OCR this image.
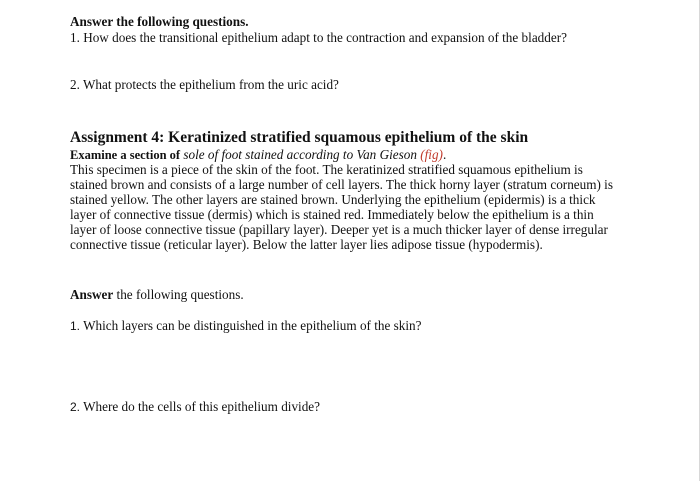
Answer the following questions.
1. How does the transitional epithelium adapt to the contraction and expansion of the bladder?
2. What protects the epithelium from the uric acid?
Assignment 4: Keratinized stratified squamous epithelium of the skin
Examine a section of sole of foot stained according to Van Gieson (fig).
This specimen is a piece of the skin of the foot. The keratinized stratified squamous epithelium is
stained brown and consists of a large number of cell layers. The thick horny layer (stratum corneum) is
stained yellow. The other layers are stained brown. Underlying the epithelium (epidermis) is a thick
layer of connective tissue (dermis) which is stained red. Immediately below the epithelium is a thin
layer of loose connective tissue (papillary layer). Deeper yet is a much thicker layer of dense irregular
connective tissue (reticular layer). Below the latter layer lies adipose tissue (hypodermis).
Answer the following questions.
1. Which layers can be distinguished in the epithelium of the skin?
2. Where do the cells of this epithelium divide?
